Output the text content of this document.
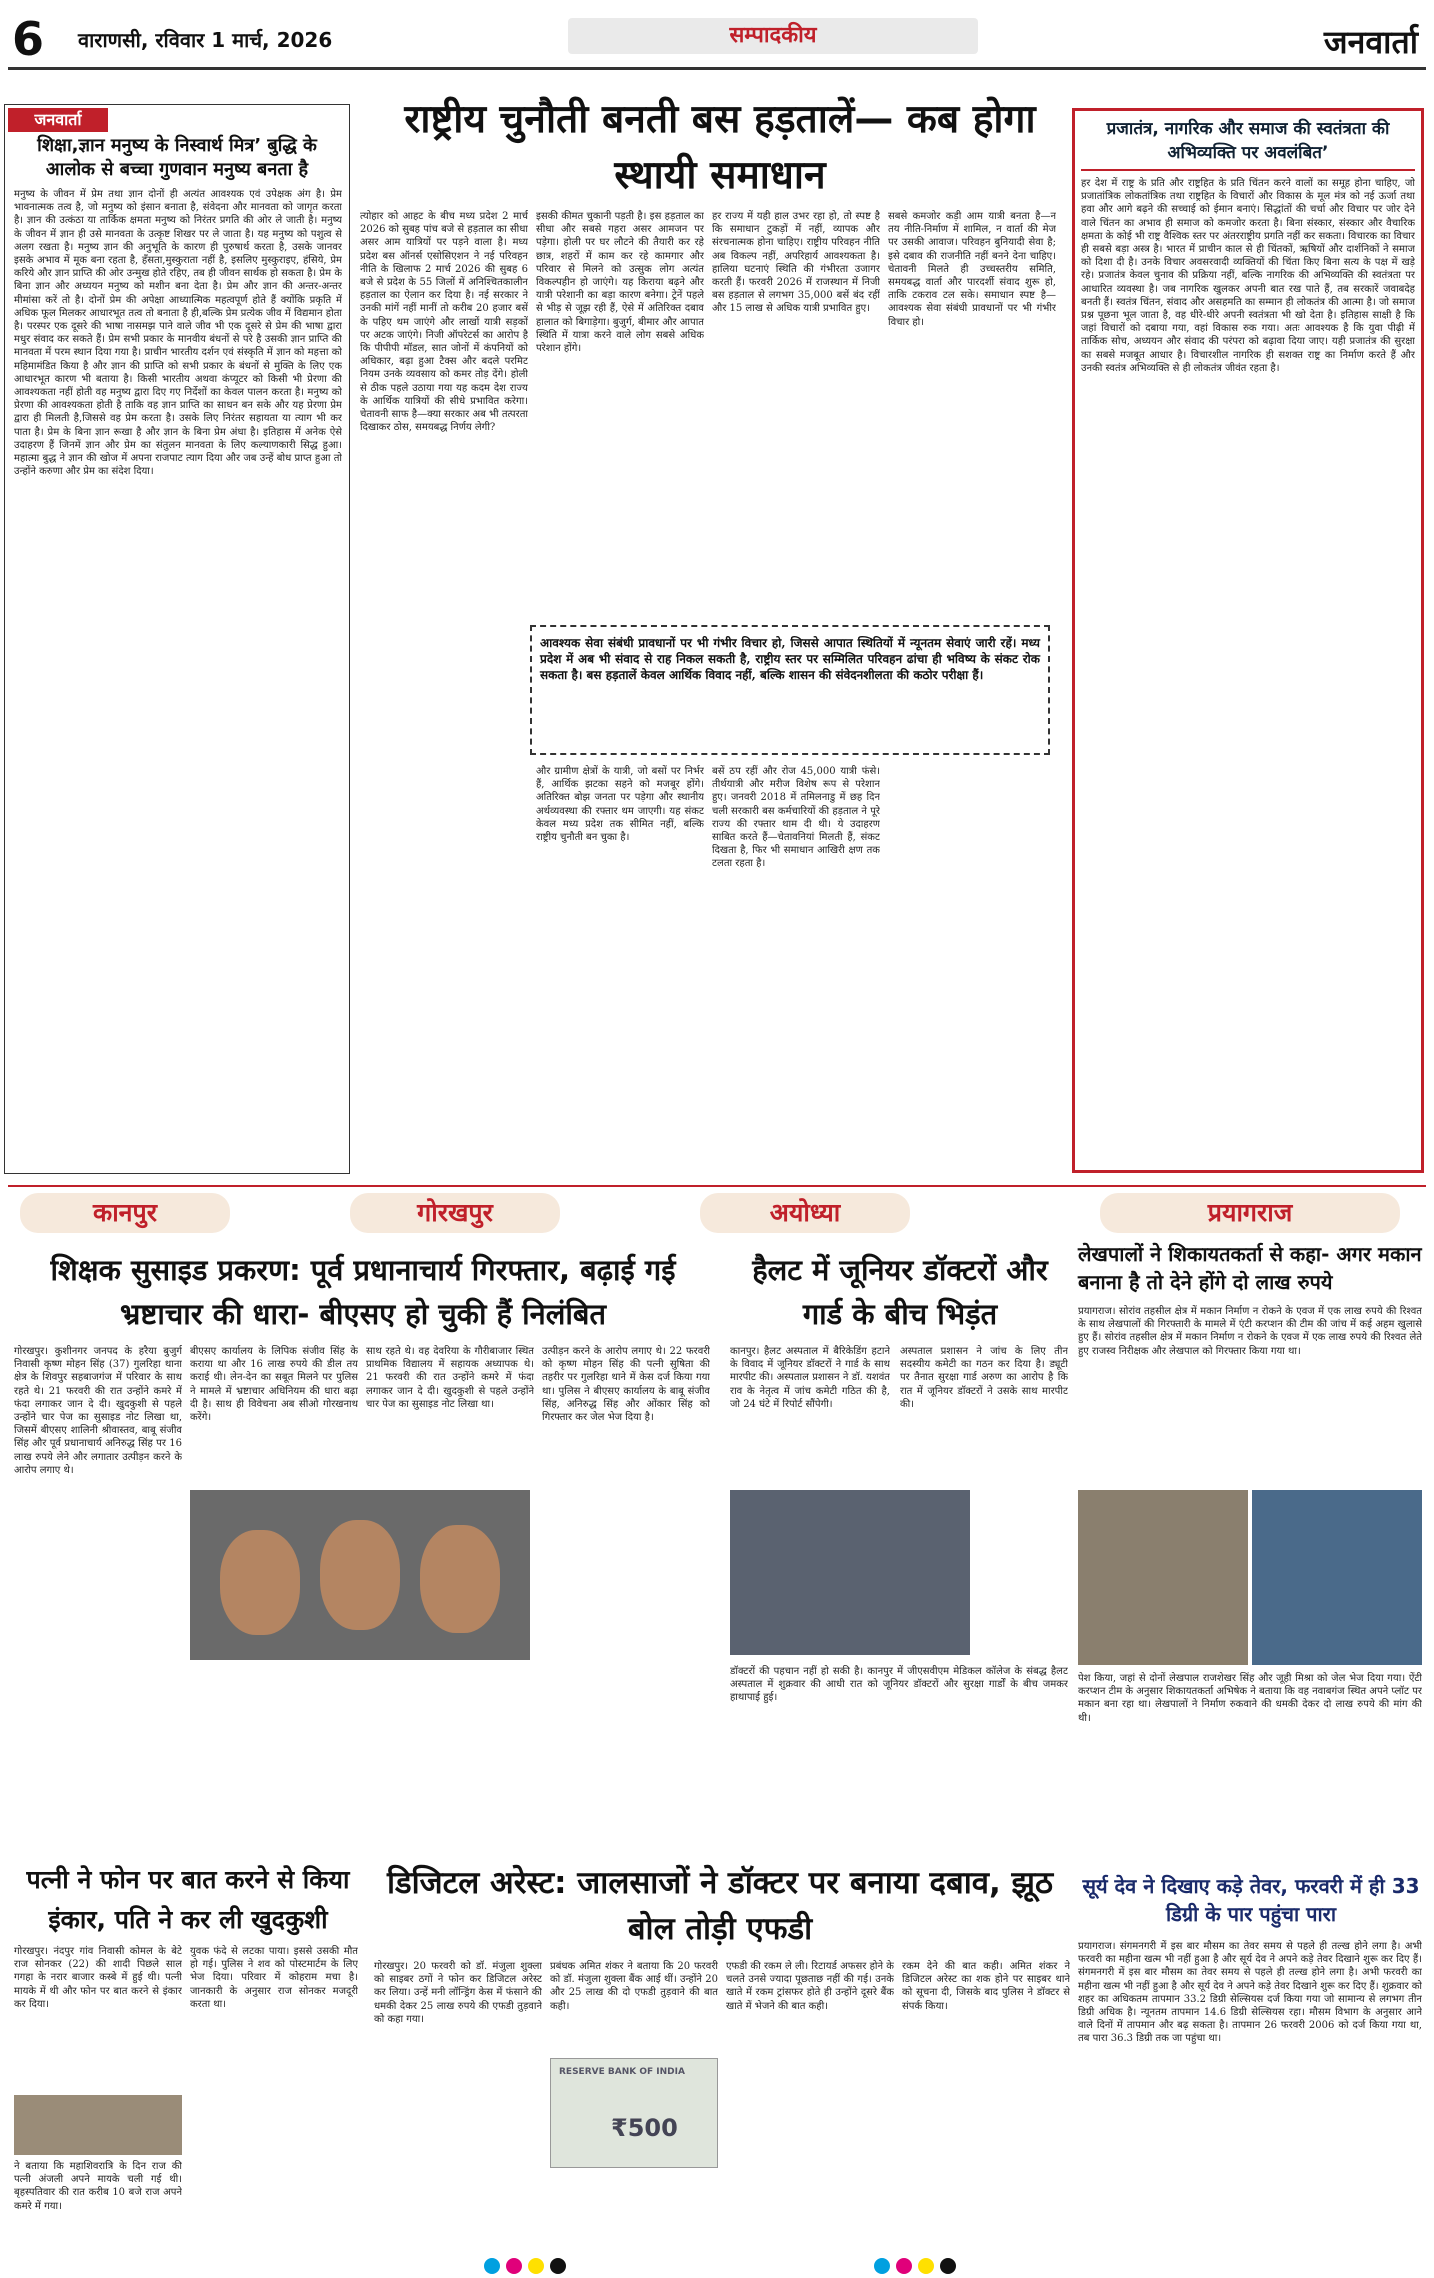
6 वाराणसी, रविवार 1 मार्च, 2026	सम्पादकीय	जनवार्ता
जनवार्ता
शिक्षा,ज्ञान मनुष्य के निस्वार्थ मित्र’ बुद्धि के आलोक से बच्चा गुणवान मनुष्य बनता है
मनुष्य के जीवन में प्रेम तथा ज्ञान दोनों ही अत्यंत आवश्यक एवं उपेक्षक अंग है। प्रेम भावनात्मक तत्व है, जो मनुष्य को इंसान बनाता है, संवेदना और मानवता को जागृत करता है। ज्ञान की उत्कंठा या तार्किक क्षमता मनुष्य को निरंतर प्रगति की ओर ले जाती है। मनुष्य के जीवन में ज्ञान ही उसे मानवता के उत्कृष्ट शिखर पर ले जाता है। यह मनुष्य को पशुत्व से अलग रखता है। मनुष्य ज्ञान की अनुभूति के कारण ही पुरुषार्थ करता है, उसके जानवर इसके अभाव में मूक बना रहता है, हँसता,मुस्कुराता नहीं है, इसलिए मुस्कुराइए, हंसिये, प्रेम करिये और ज्ञान प्राप्ति की ओर उन्मुख होते रहिए, तब ही जीवन सार्थक हो सकता है। प्रेम के बिना ज्ञान और अध्ययन मनुष्य को मशीन बना देता है। प्रेम और ज्ञान की अन्तर-अन्तर मीमांसा करें तो है। दोनों प्रेम की अपेक्षा आध्यात्मिक महत्वपूर्ण होते हैं क्योंकि प्रकृति में अधिक फूल मिलकर आधारभूत तत्व तो बनाता है ही,बल्कि प्रेम प्रत्येक जीव में विद्यमान होता है। परस्पर एक दूसरे की भाषा नासमझ पाने वाले जीव भी एक दूसरे से प्रेम की भाषा द्वारा मधुर संवाद कर सकते हैं। प्रेम सभी प्रकार के मानवीय बंधनों से परे है उसकी ज्ञान प्राप्ति की मानवता में परम स्थान दिया गया है। प्राचीन भारतीय दर्शन एवं संस्कृति में ज्ञान को महत्ता को महिमामंडित किया है और ज्ञान की प्राप्ति को सभी प्रकार के बंधनों से मुक्ति के लिए एक आधारभूत कारण भी बताया है। किसी भारतीय अथवा कंप्यूटर को किसी भी प्रेरणा की आवश्यकता नहीं होती वह मनुष्य द्वारा दिए गए निर्देशों का केवल पालन करता है। मनुष्य को प्रेरणा की आवश्यकता होती है ताकि वह ज्ञान प्राप्ति का साधन बन सके और यह प्रेरणा प्रेम द्वारा ही मिलती है,जिससे वह प्रेम करता है। उसके लिए निरंतर सहायता या त्याग भी कर पाता है। प्रेम के बिना ज्ञान रूखा है और ज्ञान के बिना प्रेम अंधा है। इतिहास में अनेक ऐसे उदाहरण हैं जिनमें ज्ञान और प्रेम का संतुलन मानवता के लिए कल्याणकारी सिद्ध हुआ। महात्मा बुद्ध ने ज्ञान की खोज में अपना राजपाट त्याग दिया और जब उन्हें बोध प्राप्त हुआ तो उन्होंने करुणा और प्रेम का संदेश दिया।
राष्ट्रीय चुनौती बनती बस हड़तालें— कब होगा स्थायी समाधान
त्योहार को आहट के बीच मध्य प्रदेश 2 मार्च 2026 को सुबह पांच बजे से हड़ताल का सीधा असर आम यात्रियों पर पड़ने वाला है। मध्य प्रदेश बस ऑनर्स एसोसिएशन ने नई परिवहन नीति के खिलाफ 2 मार्च 2026 की सुबह 6 बजे से प्रदेश के 55 जिलों में अनिश्चितकालीन हड़ताल का ऐलान कर दिया है। नई सरकार ने उनकी मांगें नहीं मानीं तो करीब 20 हजार बसें के पहिए थम जाएंगे और लाखों यात्री सड़कों पर अटक जाएंगे। निजी ऑपरेटर्स का आरोप है कि पीपीपी मॉडल, सात जोनों में कंपनियों को अधिकार, बढ़ा हुआ टैक्स और बदले परमिट नियम उनके व्यवसाय को कमर तोड़ देंगे। होली से ठीक पहले उठाया गया यह कदम देश राज्य के आर्थिक यात्रियों की सीधे प्रभावित करेगा। चेतावनी साफ है—क्या सरकार अब भी तत्परता दिखाकर ठोस, समयबद्ध निर्णय लेगी?
इसकी कीमत चुकानी पड़ती है। इस हड़ताल का सीधा और सबसे गहरा असर आमजन पर पड़ेगा। होली पर घर लौटने की तैयारी कर रहे छात्र, शहरों में काम कर रहे कामगार और परिवार से मिलने को उत्सुक लोग अत्यंत विकल्पहीन हो जाएंगे। यह किराया बढ़ने और यात्री परेशानी का बड़ा कारण बनेगा। ट्रेनें पहले से भीड़ से जूझ रही हैं, ऐसे में अतिरिक्त दबाव हालात को बिगाड़ेगा। बुजुर्ग, बीमार और आपात स्थिति में यात्रा करने वाले लोग सबसे अधिक परेशान होंगे।
हर राज्य में यही हाल उभर रहा हो, तो स्पष्ट है कि समाधान टुकड़ों में नहीं, व्यापक और संरचनात्मक होना चाहिए। राष्ट्रीय परिवहन नीति अब विकल्प नहीं, अपरिहार्य आवश्यकता है। हालिया घटनाएं स्थिति की गंभीरता उजागर करती हैं। फरवरी 2026 में राजस्थान में निजी बस हड़ताल से लगभग 35,000 बसें बंद रहीं और 15 लाख से अधिक यात्री प्रभावित हुए।
सबसे कमजोर कड़ी आम यात्री बनता है—न तय नीति-निर्माण में शामिल, न वार्ता की मेज पर उसकी आवाज। परिवहन बुनियादी सेवा है; इसे दबाव की राजनीति नहीं बनने देना चाहिए। चेतावनी मिलते ही उच्चस्तरीय समिति, समयबद्ध वार्ता और पारदर्शी संवाद शुरू हो, ताकि टकराव टल सके। समाधान स्पष्ट है—आवश्यक सेवा संबंधी प्रावधानों पर भी गंभीर विचार हो।
आवश्यक सेवा संबंधी प्रावधानों पर भी गंभीर विचार हो, जिससे आपात स्थितियों में न्यूनतम सेवाएं जारी रहें। मध्य प्रदेश में अब भी संवाद से राह निकल सकती है, राष्ट्रीय स्तर पर सम्मिलित परिवहन ढांचा ही भविष्य के संकट रोक सकता है। बस हड़तालें केवल आर्थिक विवाद नहीं, बल्कि शासन की संवेदनशीलता की कठोर परीक्षा हैं।
और ग्रामीण क्षेत्रों के यात्री, जो बसों पर निर्भर हैं, आर्थिक झटका सहने को मजबूर होंगे। अतिरिक्त बोझ जनता पर पड़ेगा और स्थानीय अर्थव्यवस्था की रफ्तार थम जाएगी। यह संकट केवल मध्य प्रदेश तक सीमित नहीं, बल्कि राष्ट्रीय चुनौती बन चुका है।
बसें ठप रहीं और रोज 45,000 यात्री फंसे। तीर्थयात्री और मरीज विशेष रूप से परेशान हुए। जनवरी 2018 में तमिलनाडु में छह दिन चली सरकारी बस कर्मचारियों की हड़ताल ने पूरे राज्य की रफ्तार थाम दी थी। ये उदाहरण साबित करते हैं—चेतावनियां मिलती हैं, संकट दिखता है, फिर भी समाधान आखिरी क्षण तक टलता रहता है।
प्रजातंत्र, नागरिक और समाज की स्वतंत्रता की अभिव्यक्ति पर अवलंबित’
हर देश में राष्ट्र के प्रति और राष्ट्रहित के प्रति चिंतन करने वालों का समूह होना चाहिए, जो प्रजातांत्रिक लोकतांत्रिक तथा राष्ट्रहित के विचारों और विकास के मूल मंत्र को नई ऊर्जा तथा हवा और आगे बढ़ने की सच्चाई को ईमान बनाएं। सिद्धांतों की चर्चा और विचार पर जोर देने वाले चिंतन का अभाव ही समाज को कमजोर करता है। बिना संस्कार, संस्कार और वैचारिक क्षमता के कोई भी राष्ट्र वैश्विक स्तर पर अंतरराष्ट्रीय प्रगति नहीं कर सकता। विचारक का विचार ही सबसे बड़ा अस्त्र है। भारत में प्राचीन काल से ही चिंतकों, ऋषियों और दार्शनिकों ने समाज को दिशा दी है। उनके विचार अवसरवादी व्यक्तियों की चिंता किए बिना सत्य के पक्ष में खड़े रहे। प्रजातंत्र केवल चुनाव की प्रक्रिया नहीं, बल्कि नागरिक की अभिव्यक्ति की स्वतंत्रता पर आधारित व्यवस्था है। जब नागरिक खुलकर अपनी बात रख पाते हैं, तब सरकारें जवाबदेह बनती हैं। स्वतंत्र चिंतन, संवाद और असहमति का सम्मान ही लोकतंत्र की आत्मा है। जो समाज प्रश्न पूछना भूल जाता है, वह धीरे-धीरे अपनी स्वतंत्रता भी खो देता है। इतिहास साक्षी है कि जहां विचारों को दबाया गया, वहां विकास रुक गया। अतः आवश्यक है कि युवा पीढ़ी में तार्किक सोच, अध्ययन और संवाद की परंपरा को बढ़ावा दिया जाए। यही प्रजातंत्र की सुरक्षा का सबसे मजबूत आधार है। विचारशील नागरिक ही सशक्त राष्ट्र का निर्माण करते हैं और उनकी स्वतंत्र अभिव्यक्ति से ही लोकतंत्र जीवंत रहता है।
कानपुर	गोरखपुर	अयोध्या	प्रयागराज
शिक्षक सुसाइड प्रकरण: पूर्व प्रधानाचार्य गिरफ्तार, बढ़ाई गई भ्रष्टाचार की धारा- बीएसए हो चुकी हैं निलंबित
गोरखपुर। कुशीनगर जनपद के हरैया बुजुर्ग निवासी कृष्ण मोहन सिंह (37) गुलरिहा थाना क्षेत्र के शिवपुर सहबाजगंज में परिवार के साथ रहते थे। 21 फरवरी की रात उन्होंने कमरे में फंदा लगाकर जान दे दी। खुदकुशी से पहले उन्होंने चार पेज का सुसाइड नोट लिखा था, जिसमें बीएसए शालिनी श्रीवास्तव, बाबू संजीव सिंह और पूर्व प्रधानाचार्य अनिरुद्ध सिंह पर 16 लाख रुपये लेने और लगातार उत्पीड़न करने के आरोप लगाए थे।
बीएसए कार्यालय के लिपिक संजीव सिंह के कराया था और 16 लाख रुपये की डील तय कराई थी। लेन-देन का सबूत मिलने पर पुलिस ने मामले में भ्रष्टाचार अधिनियम की धारा बढ़ा दी है। साथ ही विवेचना अब सीओ गोरखनाथ करेंगे।
साथ रहते थे। वह देवरिया के गौरीबाजार स्थित प्राथमिक विद्यालय में सहायक अध्यापक थे। 21 फरवरी की रात उन्होंने कमरे में फंदा लगाकर जान दे दी। खुदकुशी से पहले उन्होंने चार पेज का सुसाइड नोट लिखा था।
उत्पीड़न करने के आरोप लगाए थे। 22 फरवरी को कृष्ण मोहन सिंह की पत्नी सुषिता की तहरीर पर गुलरिहा थाने में केस दर्ज किया गया था। पुलिस ने बीएसए कार्यालय के बाबू संजीव सिंह, अनिरुद्ध सिंह और ओंकार सिंह को गिरफ्तार कर जेल भेज दिया है।
हैलट में जूनियर डॉक्टरों और गार्ड के बीच भिड़ंत
कानपुर। हैलट अस्पताल में बैरिकेडिंग हटाने के विवाद में जूनियर डॉक्टरों ने गार्ड के साथ मारपीट की। अस्पताल प्रशासन ने डॉ. यशवंत राव के नेतृत्व में जांच कमेटी गठित की है, जो 24 घंटे में रिपोर्ट सौंपेगी।
अस्पताल प्रशासन ने जांच के लिए तीन सदस्यीय कमेटी का गठन कर दिया है। ड्यूटी पर तैनात सुरक्षा गार्ड अरुण का आरोप है कि रात में जूनियर डॉक्टरों ने उसके साथ मारपीट की।
डॉक्टरों की पहचान नहीं हो सकी है। कानपुर में जीएसवीएम मेडिकल कॉलेज के संबद्ध हैलट अस्पताल में शुक्रवार की आधी रात को जूनियर डॉक्टरों और सुरक्षा गार्डों के बीच जमकर हाथापाई हुई।
लेखपालों ने शिकायतकर्ता से कहा- अगर मकान बनाना है तो देने होंगे दो लाख रुपये
प्रयागराज। सोरांव तहसील क्षेत्र में मकान निर्माण न रोकने के एवज में एक लाख रुपये की रिश्वत के साथ लेखपालों की गिरफ्तारी के मामले में एंटी करप्शन की टीम की जांच में कई अहम खुलासे हुए हैं। सोरांव तहसील क्षेत्र में मकान निर्माण न रोकने के एवज में एक लाख रुपये की रिश्वत लेते हुए राजस्व निरीक्षक और लेखपाल को गिरफ्तार किया गया था।
पेश किया, जहां से दोनों लेखपाल राजशेखर सिंह और जूही मिश्रा को जेल भेज दिया गया। ऐंटी करप्शन टीम के अनुसार शिकायतकर्ता अभिषेक ने बताया कि वह नवाबगंज स्थित अपने प्लॉट पर मकान बना रहा था। लेखपालों ने निर्माण रुकवाने की धमकी देकर दो लाख रुपये की मांग की थी।
पत्नी ने फोन पर बात करने से किया इंकार, पति ने कर ली खुदकुशी
गोरखपुर। नंदपुर गांव निवासी कोमल के बेटे राज सोनकर (22) की शादी पिछले साल गगहा के नरार बाजार कस्बे में हुई थी। पत्नी मायके में थी और फोन पर बात करने से इंकार कर दिया।
युवक फंदे से लटका पाया। इससे उसकी मौत हो गई। पुलिस ने शव को पोस्टमार्टम के लिए भेज दिया। परिवार में कोहराम मचा है। जानकारी के अनुसार राज सोनकर मजदूरी करता था।
ने बताया कि महाशिवरात्रि के दिन राज की पत्नी अंजली अपने मायके चली गई थी। बृहस्पतिवार की रात करीब 10 बजे राज अपने कमरे में गया।
डिजिटल अरेस्ट: जालसाजों ने डॉक्टर पर बनाया दबाव, झूठ बोल तोड़ी एफडी
गोरखपुर। 20 फरवरी को डॉ. मंजुला शुक्ला को साइबर ठगों ने फोन कर डिजिटल अरेस्ट कर लिया। उन्हें मनी लॉन्ड्रिंग केस में फंसाने की धमकी देकर 25 लाख रुपये की एफडी तुड़वाने को कहा गया।
प्रबंधक अमित शंकर ने बताया कि 20 फरवरी को डॉ. मंजुला शुक्ला बैंक आई थीं। उन्होंने 20 और 25 लाख की दो एफडी तुड़वाने की बात कही।
RESERVE BANK OF INDIA
₹500
एफडी की रकम ले ली। रिटायर्ड अफसर होने के चलते उनसे ज्यादा पूछताछ नहीं की गई। उनके खाते में रकम ट्रांसफर होते ही उन्होंने दूसरे बैंक खाते में भेजने की बात कही।
रकम देने की बात कही। अमित शंकर ने डिजिटल अरेस्ट का शक होने पर साइबर थाने को सूचना दी, जिसके बाद पुलिस ने डॉक्टर से संपर्क किया।
सूर्य देव ने दिखाए कड़े तेवर, फरवरी में ही 33 डिग्री के पार पहुंचा पारा
प्रयागराज। संगमनगरी में इस बार मौसम का तेवर समय से पहले ही तल्ख होने लगा है। अभी फरवरी का महीना खत्म भी नहीं हुआ है और सूर्य देव ने अपने कड़े तेवर दिखाने शुरू कर दिए हैं। संगमनगरी में इस बार मौसम का तेवर समय से पहले ही तल्ख होने लगा है। अभी फरवरी का महीना खत्म भी नहीं हुआ है और सूर्य देव ने अपने कड़े तेवर दिखाने शुरू कर दिए हैं। शुक्रवार को शहर का अधिकतम तापमान 33.2 डिग्री सेल्सियस दर्ज किया गया जो सामान्य से लगभग तीन डिग्री अधिक है। न्यूनतम तापमान 14.6 डिग्री सेल्सियस रहा। मौसम विभाग के अनुसार आने वाले दिनों में तापमान और बढ़ सकता है। तापमान 26 फरवरी 2006 को दर्ज किया गया था, तब पारा 36.3 डिग्री तक जा पहुंचा था।
